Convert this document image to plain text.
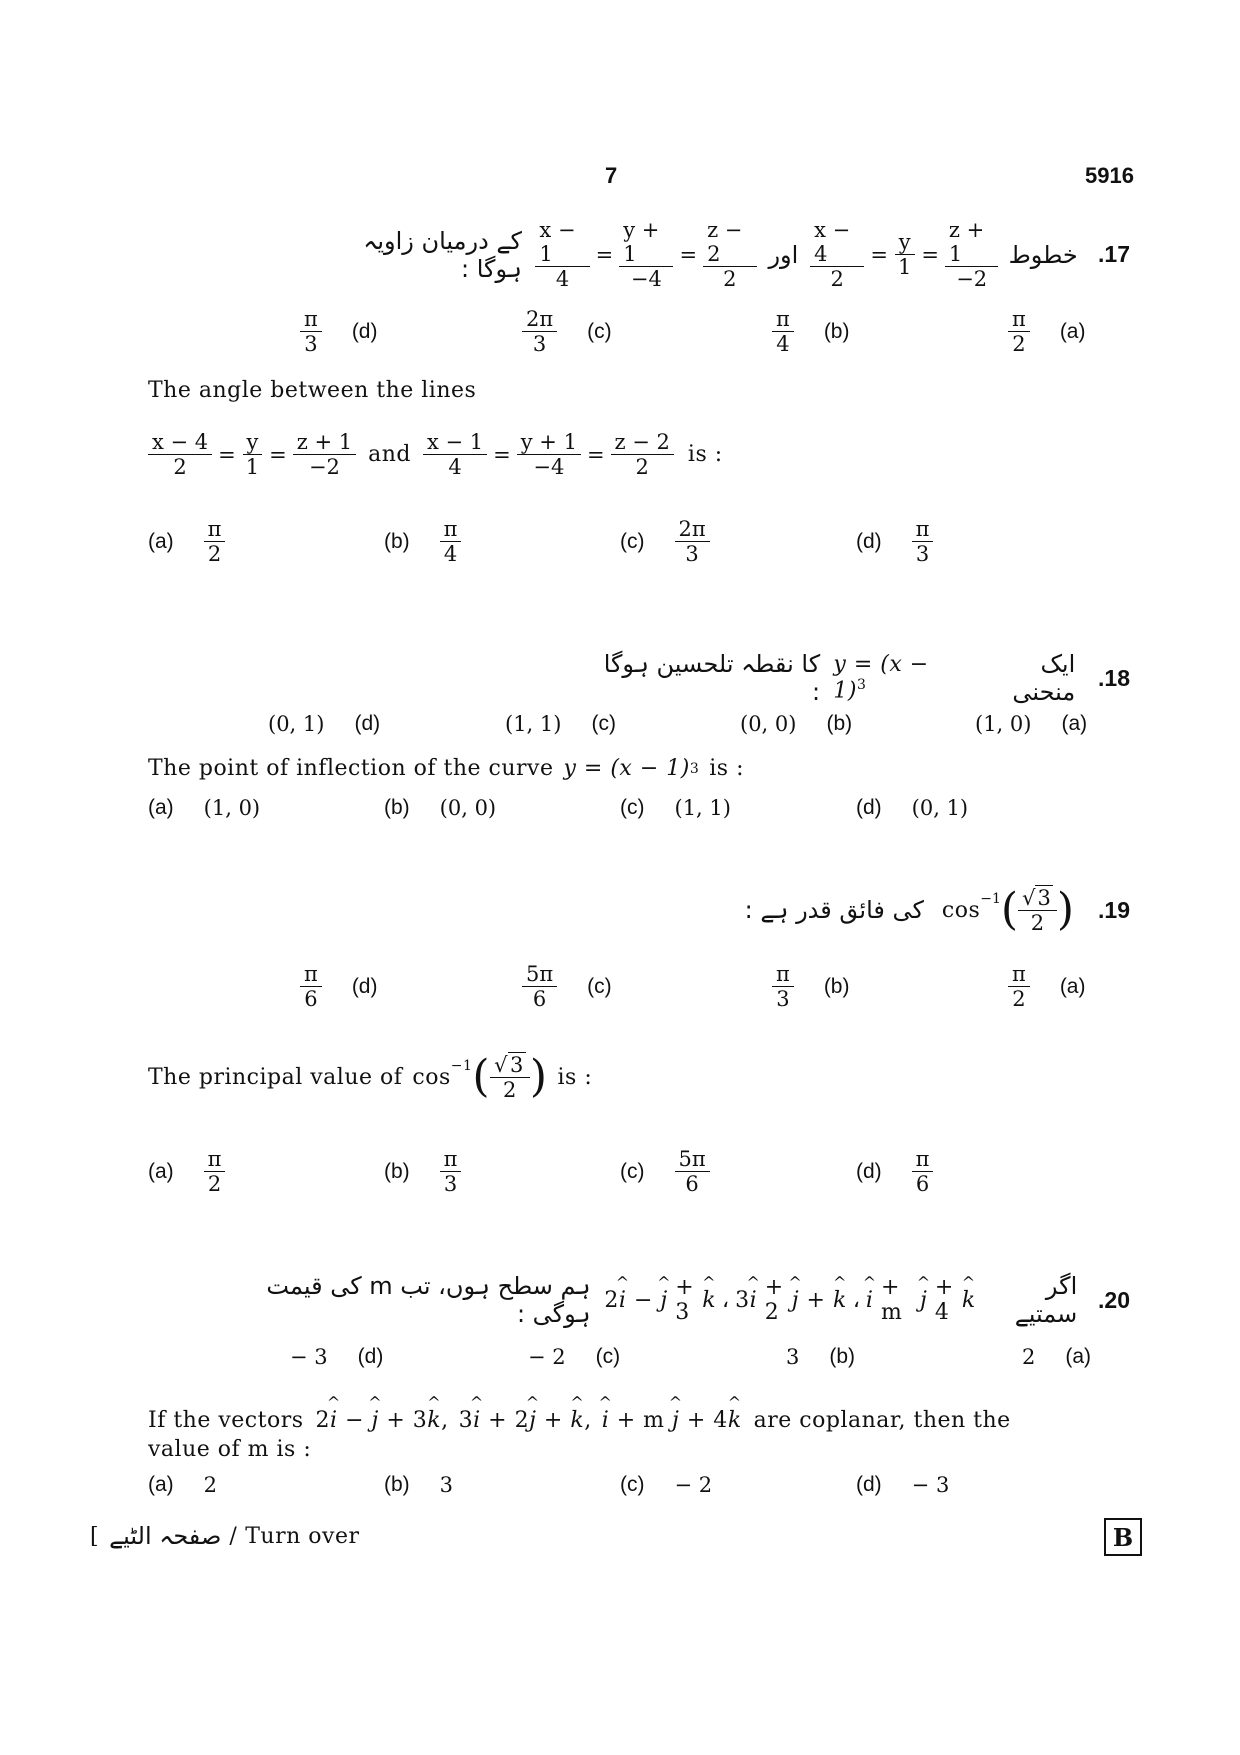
7	5916
کے درمیان زاویہ ہوگا : $\frac{x - 1}{4} = \frac{y + 1}{-4} = \frac{z - 2}{2}$ اور $\frac{x - 4}{2} = \frac{y}{1} = \frac{z + 1}{-2}$ خطوط .17
$\frac{\pi}{3} (d)$	$\frac{2\pi}{3} (c)$	$\frac{\pi}{4} (b)$	$\frac{\pi}{2} (a)$
The angle between the lines
$\frac{x - 4}{2} = \frac{y}{1} = \frac{z + 1}{-2}$ and $\frac{x - 1}{4} = \frac{y + 1}{-4} = \frac{z - 2}{2}$ is :
$(a) \frac{\pi}{2}$	$(b) \frac{\pi}{4}$	$(c) \frac{2\pi}{3}$	$(d) \frac{\pi}{3}$
کا نقطہ تلحسین ہوگا :
$y = (x - 1)^3$
ایک منحنی
.18
(0, 1) (d)	(1, 1) (c)	(0, 0) (b)	(1, 0) (a)
The point of inflection of the curve y = (x − 1) 3 is :
(a) (1, 0)	(b) (0, 0)	(c) (1, 1)	(d) (0, 1)
کی فائق قدر ہے : cos −1 ( $\frac{√3}{2}$ ) .19
$\frac{\pi}{6} (d)$	$\frac{5\pi}{6} (c)$	$\frac{\pi}{3} (b)$	$\frac{\pi}{2} (a)$
The principal value of $\cos^{-1}$ ( $\frac{√3}{2}$ ) is :
$(a) \frac{\pi}{2}$	$(b) \frac{\pi}{3}$	$(c) \frac{5\pi}{6}$	$(d) \frac{\pi}{6}$
ہم سطح ہوں، تب m کی قیمت ہوگی : 2 ^ i
−
^ j
+ 3 ^ k ، 3 ^ i
+ 2 ^ j
+
^ k ، ^ i
+ m
^ j
+ 4 ^ k	اگر سمتیے
.20
− 3 (d)	− 2 (c)	3 (b)	2 (a)
If the vectors 2 ^ i
−
^ j
+ 3 ^ k , 3 ^ i
+ 2 ^ j
+
^ k , ^ i
+ m
^ j
+ 4 ^ k are coplanar, then the
value of m is :
(a) 2	(b) 3	(c) − 2	(d) − 3
[ صفحہ الٹیے / Turn over	B
